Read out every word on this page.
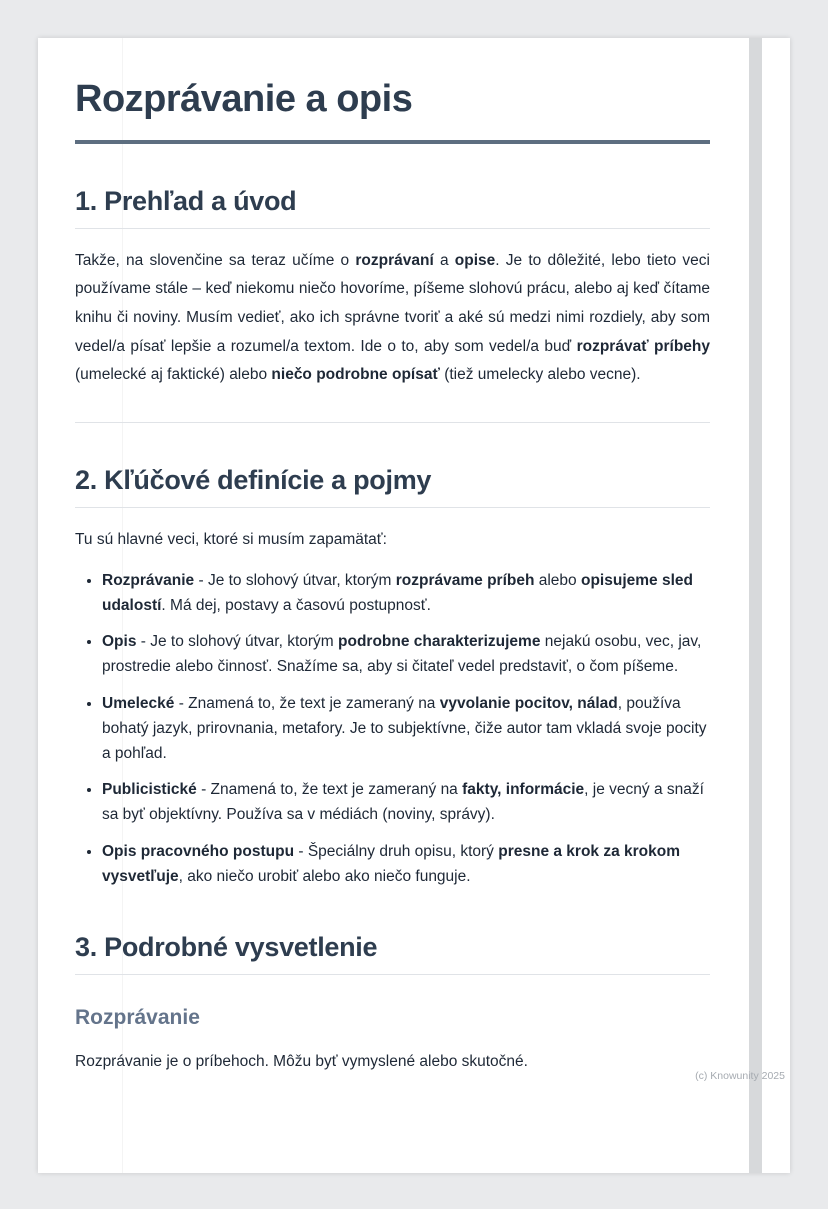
Rozprávanie a opis
1. Prehľad a úvod

Takže, na slovenčine sa teraz učíme o rozprávaní a opise. Je to dôležité, lebo tieto veci používame stále – keď niekomu niečo hovoríme, píšeme slohovú prácu, alebo aj keď čítame knihu či noviny. Musím vedieť, ako ich správne tvoriť a aké sú medzi nimi rozdiely, aby som vedel/a písať lepšie a rozumel/a textom. Ide o to, aby som vedel/a buď rozprávať príbehy (umelecké aj faktické) alebo niečo podrobne opísať (tiež umelecky alebo vecne).

2. Kľúčové definície a pojmy

Tu sú hlavné veci, ktoré si musím zapamätať:

• Rozprávanie - Je to slohový útvar, ktorým rozprávame príbeh alebo opisujeme sled udalostí. Má dej, postavy a časovú postupnosť.
• Opis - Je to slohový útvar, ktorým podrobne charakterizujeme nejakú osobu, vec, jav, prostredie alebo činnosť. Snažíme sa, aby si čitateľ vedel predstaviť, o čom píšeme.
• Umelecké - Znamená to, že text je zameraný na vyvolanie pocitov, nálad, používa bohatý jazyk, prirovnania, metafory. Je to subjektívne, čiže autor tam vkladá svoje pocity a pohľad.
• Publicistické - Znamená to, že text je zameraný na fakty, informácie, je vecný a snaží sa byť objektívny. Používa sa v médiách (noviny, správy).
• Opis pracovného postupu - Špeciálny druh opisu, ktorý presne a krok za krokom vysvetľuje, ako niečo urobiť alebo ako niečo funguje.
3. Podrobné vysvetlenie
Rozprávanie

Rozprávanie je o príbehoch. Môžu byť vymyslené alebo skutočné.

(c) Knowunity 2025
